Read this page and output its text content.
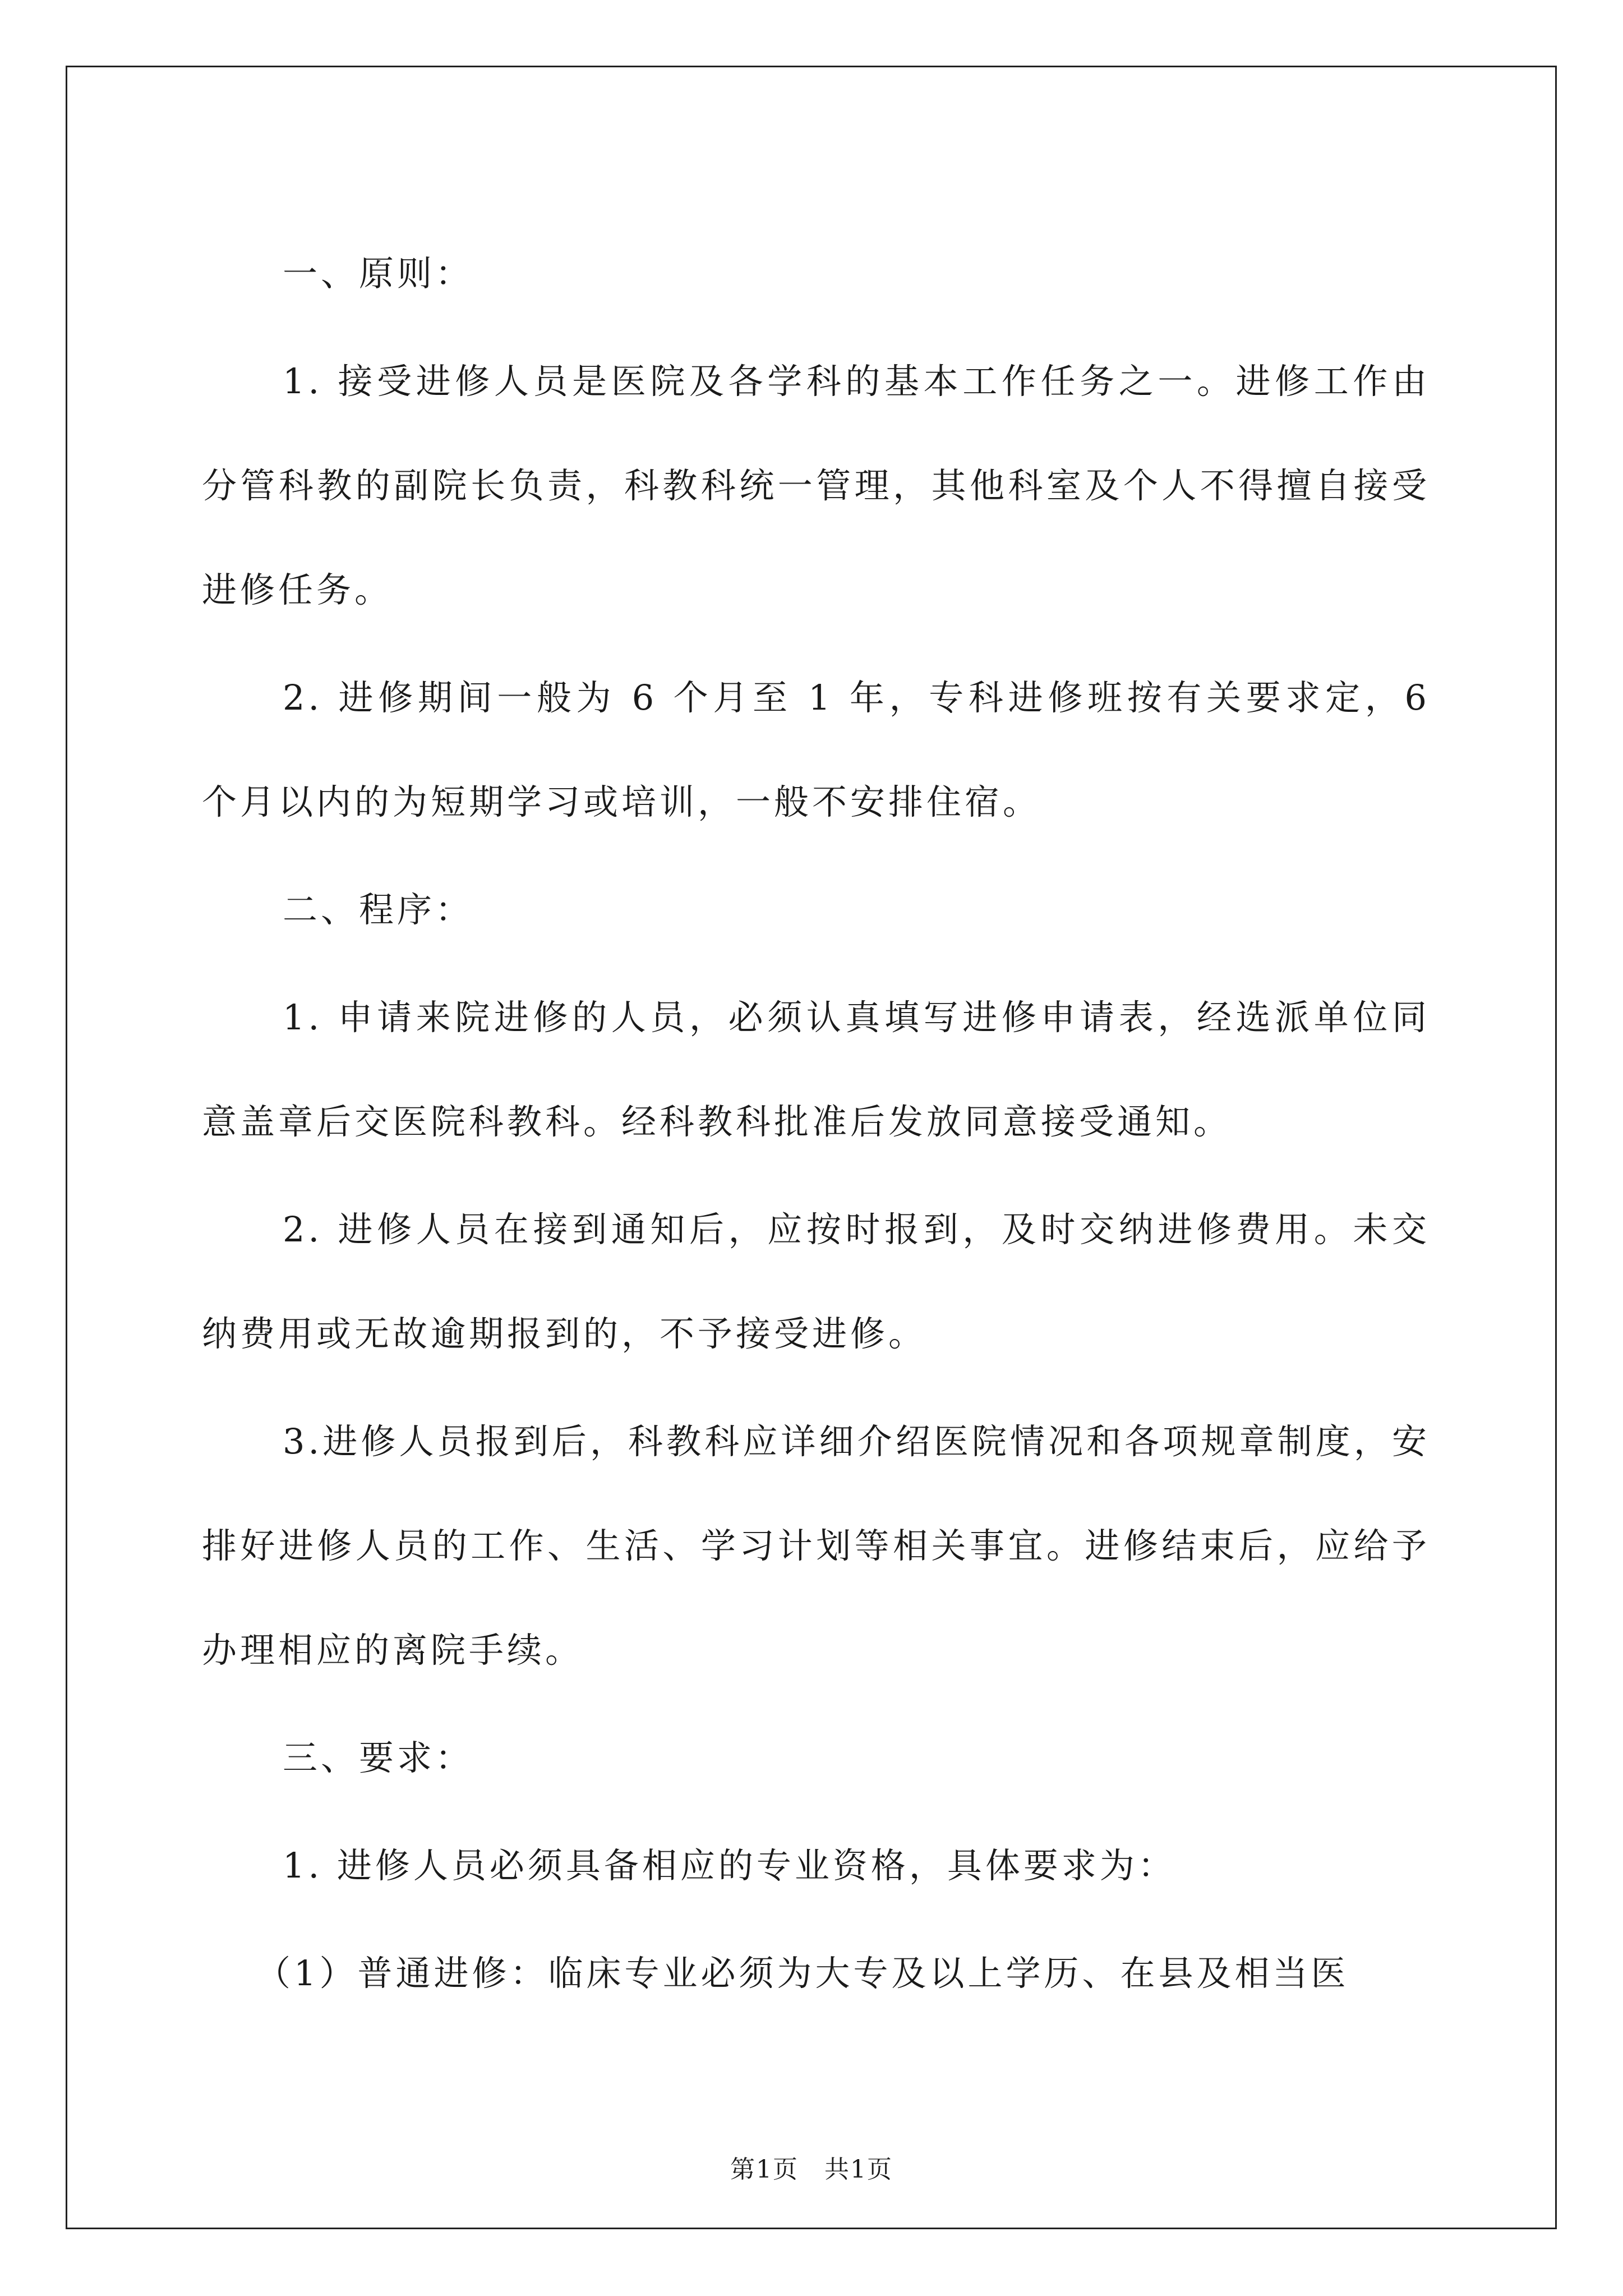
一、原则：

1. 接受进修人员是医院及各学科的基本工作任务之一。进修工作由分管科教的副院长负责，科教科统一管理，其他科室及个人不得擅自接受进修任务。

2. 进修期间一般为 6 个月至 1 年，专科进修班按有关要求定，6 个月以内的为短期学习或培训，一般不安排住宿。

二、程序：

1. 申请来院进修的人员，必须认真填写进修申请表，经选派单位同意盖章后交医院科教科。经科教科批准后发放同意接受通知。

2. 进修人员在接到通知后，应按时报到，及时交纳进修费用。未交纳费用或无故逾期报到的，不予接受进修。

3.进修人员报到后，科教科应详细介绍医院情况和各项规章制度，安排好进修人员的工作、生活、学习计划等相关事宜。进修结束后，应给予办理相应的离院手续。

三、要求：

1. 进修人员必须具备相应的专业资格，具体要求为：

（1）普通进修：临床专业必须为大专及以上学历、在县及相当医

第1页　共1页
